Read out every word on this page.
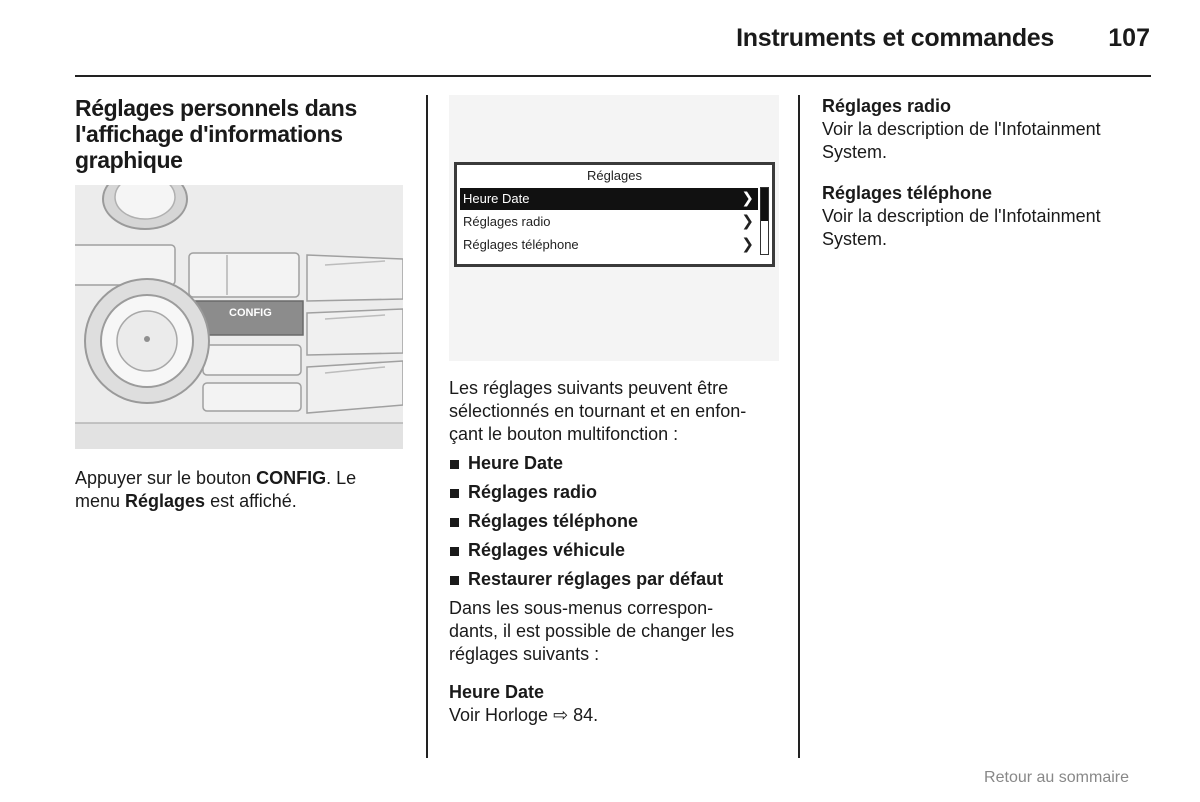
Instruments et commandes	107
Réglages personnels dans
l'affichage d'informations
graphique
CONFIG

Appuyer sur le bouton CONFIG. Le
menu Réglages est affiché.

Réglages
Heure Date	❯
Réglages radio	❯
Réglages téléphone	❯

Les réglages suivants peuvent être
sélectionnés en tournant et en enfon-
çant le bouton multifonction :

Heure Date
Réglages radio
Réglages téléphone
Réglages véhicule
Restaurer réglages par défaut

Dans les sous-menus correspon-
dants, il est possible de changer les
réglages suivants :

Heure Date

Voir Horloge ⇨ 84.

Réglages radio

Voir la description de l'Infotainment
System.

Réglages téléphone

Voir la description de l'Infotainment
System.

Retour au sommaire
